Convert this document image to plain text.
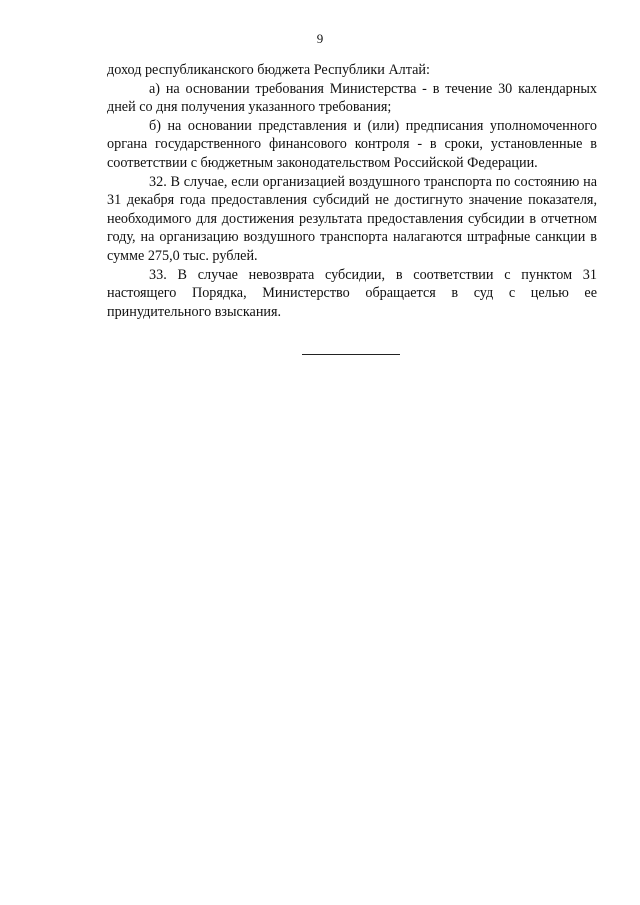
9

доход республиканского бюджета Республики Алтай:

а) на основании требования Министерства - в течение 30 календарных дней со дня получения указанного требования;

б) на основании представления и (или) предписания уполномоченного органа государственного финансового контроля - в сроки, установленные в соответствии с бюджетным законодательством Российской Федерации.

32. В случае, если организацией воздушного транспорта по состоянию на 31 декабря года предоставления субсидий не достигнуто значение показателя, необходимого для достижения результата предоставления субсидии в отчетном году, на организацию воздушного транспорта налагаются штрафные санкции в сумме 275,0 тыс. рублей.

33. В случае невозврата субсидии, в соответствии с пунктом 31 настоящего Порядка, Министерство обращается в суд с целью ее принудительного взыскания.
